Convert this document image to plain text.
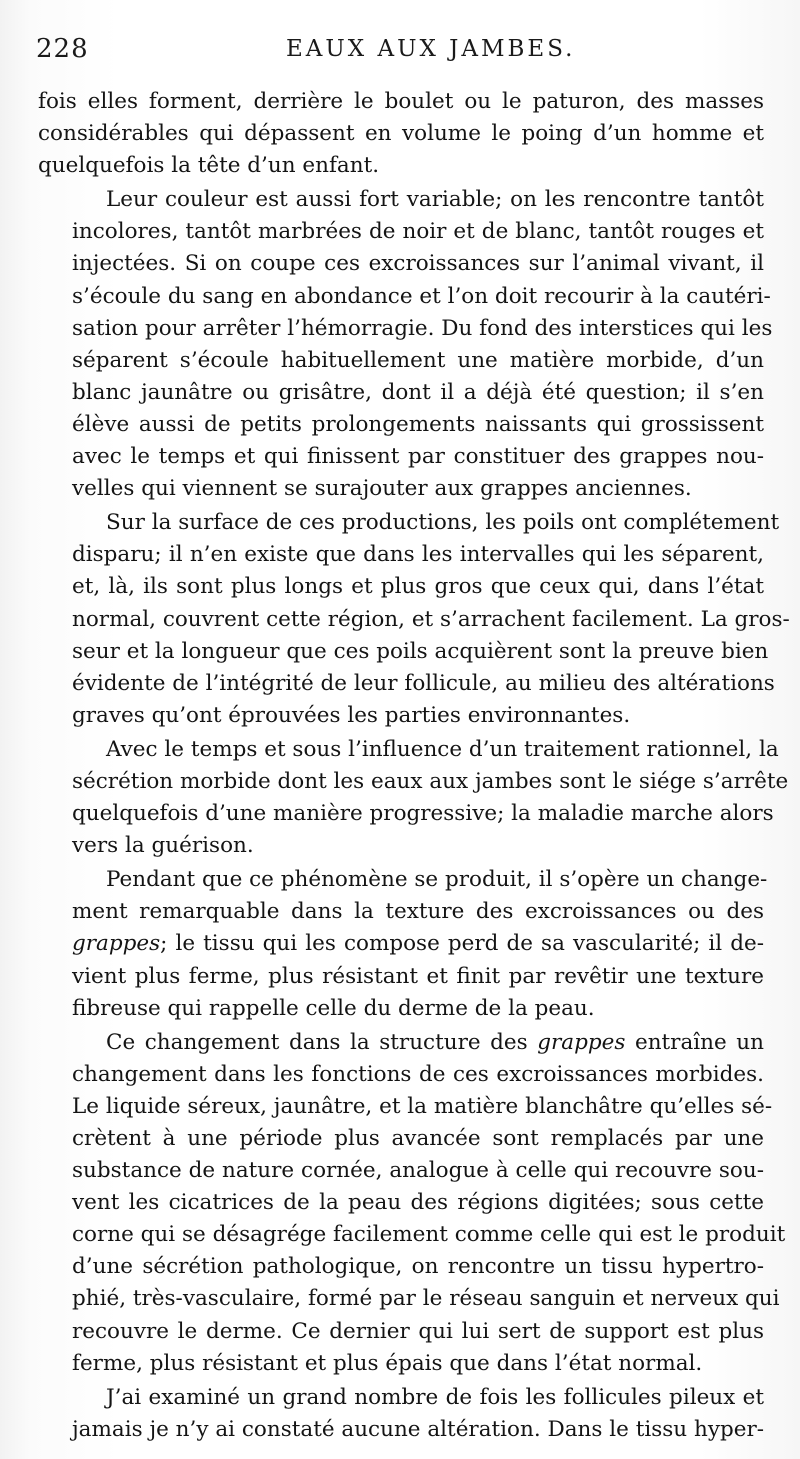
228	EAUX AUX JAMBES.
fois elles forment, derrière le boulet ou le paturon, des masses
considérables qui dépassent en volume le poing d’un homme et
quelquefois la tête d’un enfant.
Leur couleur est aussi fort variable; on les rencontre tantôt
incolores, tantôt marbrées de noir et de blanc, tantôt rouges et
injectées. Si on coupe ces excroissances sur l’animal vivant, il
s’écoule du sang en abondance et l’on doit recourir à la cautéri-
sation pour arrêter l’hémorragie. Du fond des interstices qui les
séparent s’écoule habituellement une matière morbide, d’un
blanc jaunâtre ou grisâtre, dont il a déjà été question; il s’en
élève aussi de petits prolongements naissants qui grossissent
avec le temps et qui finissent par constituer des grappes nou-
velles qui viennent se surajouter aux grappes anciennes.
Sur la surface de ces productions, les poils ont complétement
disparu; il n’en existe que dans les intervalles qui les séparent,
et, là, ils sont plus longs et plus gros que ceux qui, dans l’état
normal, couvrent cette région, et s’arrachent facilement. La gros-
seur et la longueur que ces poils acquièrent sont la preuve bien
évidente de l’intégrité de leur follicule, au milieu des altérations
graves qu’ont éprouvées les parties environnantes.
Avec le temps et sous l’influence d’un traitement rationnel, la
sécrétion morbide dont les eaux aux jambes sont le siége s’arrête
quelquefois d’une manière progressive; la maladie marche alors
vers la guérison.
Pendant que ce phénomène se produit, il s’opère un change-
ment remarquable dans la texture des excroissances ou des
grappes; le tissu qui les compose perd de sa vascularité; il de-
vient plus ferme, plus résistant et finit par revêtir une texture
fibreuse qui rappelle celle du derme de la peau.
Ce changement dans la structure des grappes entraîne un
changement dans les fonctions de ces excroissances morbides.
Le liquide séreux, jaunâtre, et la matière blanchâtre qu’elles sé-
crètent à une période plus avancée sont remplacés par une
substance de nature cornée, analogue à celle qui recouvre sou-
vent les cicatrices de la peau des régions digitées; sous cette
corne qui se désagrége facilement comme celle qui est le produit
d’une sécrétion pathologique, on rencontre un tissu hypertro-
phié, très-vasculaire, formé par le réseau sanguin et nerveux qui
recouvre le derme. Ce dernier qui lui sert de support est plus
ferme, plus résistant et plus épais que dans l’état normal.
J’ai examiné un grand nombre de fois les follicules pileux et
jamais je n’y ai constaté aucune altération. Dans le tissu hyper-
